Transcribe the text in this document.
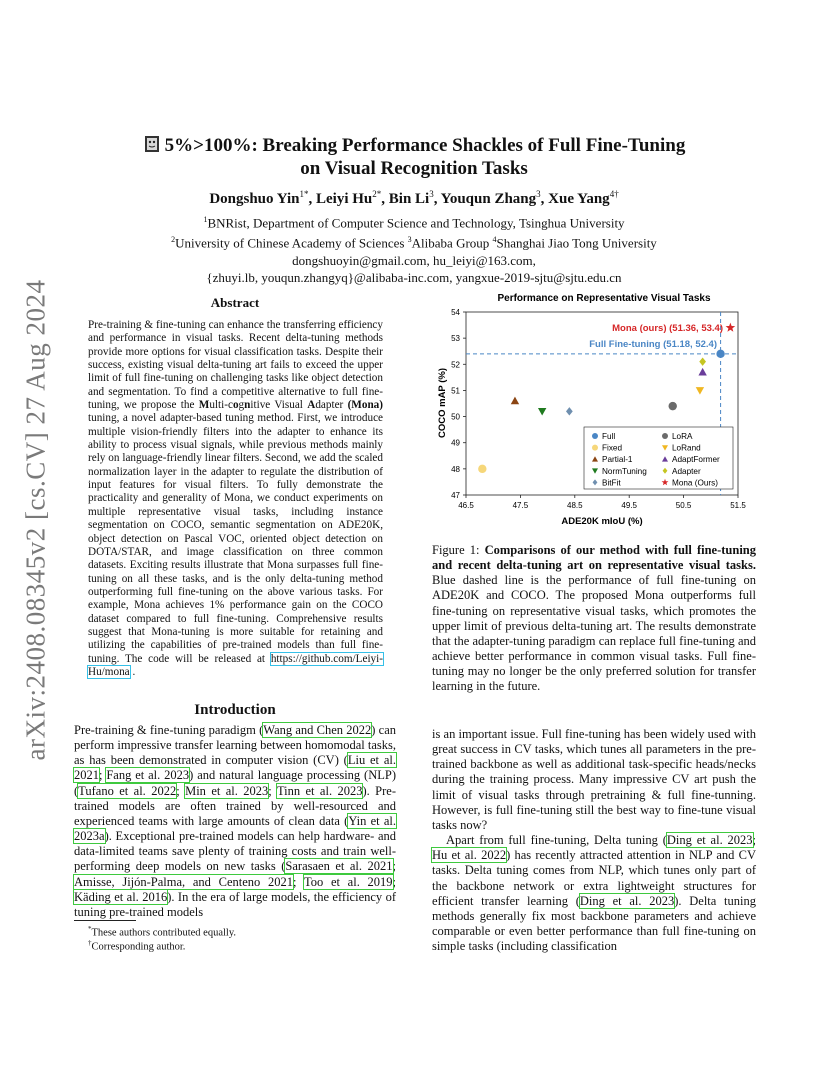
arXiv:2408.08345v2 [cs.CV] 27 Aug 2024
5%>100%: Breaking Performance Shackles of Full Fine-Tuning
on Visual Recognition Tasks
Dongshuo Yin$^{1*}$, Leiyi $Hu^{2*}$, Bin Li$^3$, Youqun Zhang$^3$, Xue Yang$^{4\dagger}$
$^1$BNRist, Department of Computer Science and Technology, Tsinghua University
$^2$University of Chinese Academy of Sciences $^3$Alibaba Group $^4$Shanghai Jiao Tong University
dongshuoyin@gmail.com, hu_leiyi@163.com,
{zhuyi.lb, youqun.zhangyq}@alibaba-inc.com, yangxue-2019-sjtu@sjtu.edu.cn
Abstract
Pre-training & fine-tuning can enhance the transferring efficiency and performance in visual tasks. Recent delta-tuning methods provide more options for visual classification tasks. Despite their success, existing visual delta-tuning art fails to exceed the upper limit of full fine-tuning on challenging tasks like object detection and segmentation. To find a competitive alternative to full fine-tuning, we propose the Multi-cognitive Visual Adapter (Mona) tuning, a novel adapter-based tuning method. First, we introduce multiple vision-friendly filters into the adapter to enhance its ability to process visual signals, while previous methods mainly rely on language-friendly linear filters. Second, we add the scaled normalization layer in the adapter to regulate the distribution of input features for visual filters. To fully demonstrate the practicality and generality of Mona, we conduct experiments on multiple representative visual tasks, including instance segmentation on COCO, semantic segmentation on ADE20K, object detection on Pascal VOC, oriented object detection on DOTA/STAR, and image classification on three common datasets. Exciting results illustrate that Mona surpasses full fine-tuning on all these tasks, and is the only delta-tuning method outperforming full fine-tuning on the above various tasks. For example, Mona achieves 1% performance gain on the COCO dataset compared to full fine-tuning. Comprehensive results suggest that Mona-tuning is more suitable for retaining and utilizing the capabilities of pre-trained models than full fine-tuning. The code will be released at https://github.com/Leiyi-Hu/mona .
Introduction
Pre-training & fine-tuning paradigm (Wang and Chen 2022) can perform impressive transfer learning between homomodal tasks, as has been demonstrated in computer vision (CV) (Liu et al. 2021; Fang et al. 2023) and natural language processing (NLP) (Tufano et al. 2022; Min et al. 2023; Tinn et al. 2023). Pre-trained models are often trained by well-resourced and experienced teams with large amounts of clean data (Yin et al. 2023a). Exceptional pre-trained models can help hardware- and data-limited teams save plenty of training costs and train well-performing deep models on new tasks (Sarasaen et al. 2021; Amisse, Jijón-Palma, and Centeno 2021; Too et al. 2019; Käding et al. 2016). In the era of large models, the efficiency of tuning pre-trained models
*These authors contributed equally.
†Corresponding author.
Performance on Representative Visual Tasks
46.5	47.5	48.5	49.5	50.5	51.5
47
48
49
50
51
52
53
54
Mona (ours) (51.36, 53.4)
Full Fine-tuning (51.18, 52.4)
ADE20K mIoU (%)
COCO mAP (%)	Full
Fixed
Partial-1
NormTuning
BitFit
LoRA
LoRand
AdaptFormer
Adapter
Mona (Ours)
Figure 1: Comparisons of our method with full fine-tuning and recent delta-tuning art on representative visual tasks. Blue dashed line is the performance of full fine-tuning on ADE20K and COCO. The proposed Mona outperforms full fine-tuning on representative visual tasks, which promotes the upper limit of previous delta-tuning art. The results demonstrate that the adapter-tuning paradigm can replace full fine-tuning and achieve better performance in common visual tasks. Full fine-tuning may no longer be the only preferred solution for transfer learning in the future.

is an important issue. Full fine-tuning has been widely used with great success in CV tasks, which tunes all parameters in the pre-trained backbone as well as additional task-specific heads/necks during the training process. Many impressive CV art push the limit of visual tasks through pretraining & full fine-tunning. However, is full fine-tuning still the best way to fine-tune visual tasks now?

Apart from full fine-tuning, Delta tuning (Ding et al. 2023; Hu et al. 2022) has recently attracted attention in NLP and CV tasks. Delta tuning comes from NLP, which tunes only part of the backbone network or extra lightweight structures for efficient transfer learning (Ding et al. 2023). Delta tuning methods generally fix most backbone parameters and achieve comparable or even better performance than full fine-tuning on simple tasks (including classification
